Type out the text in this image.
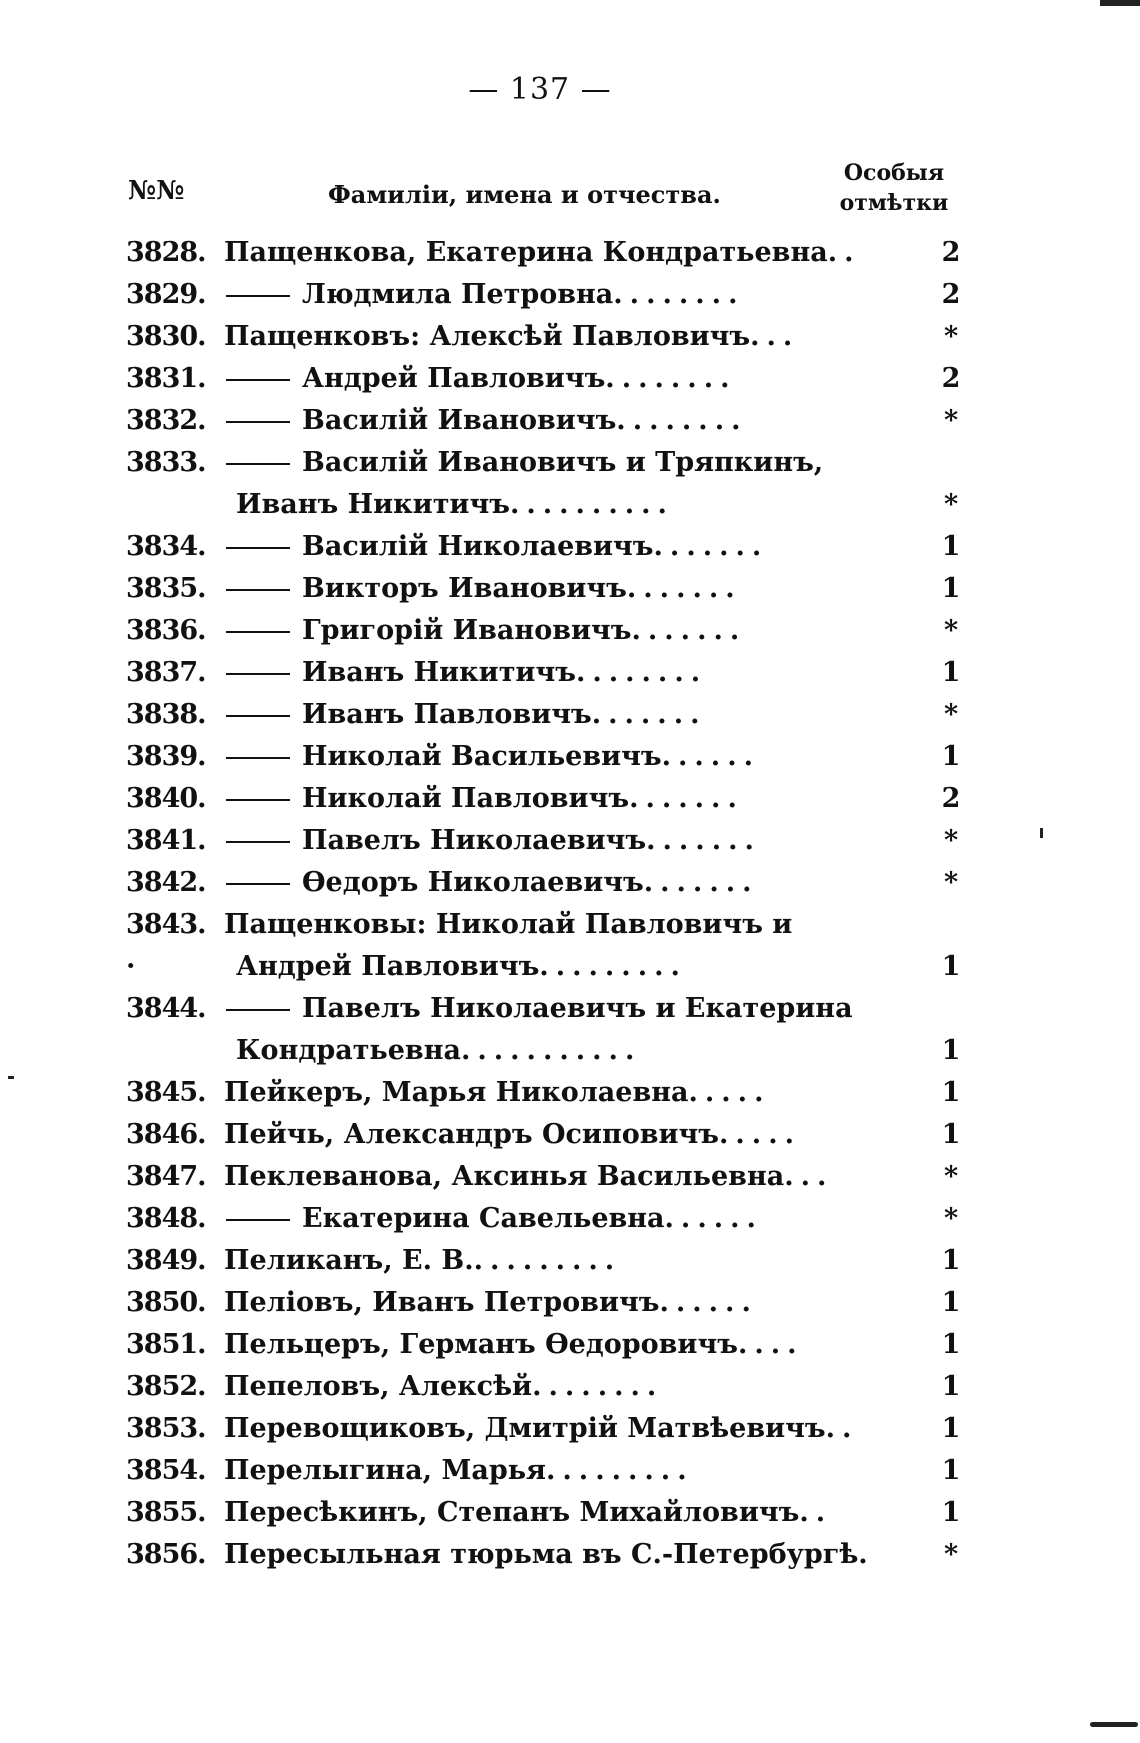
— 137 —
№№	Фамиліи, имена и отчества.
Особыя отмѣтки
3828. Пащенкова, Екатерина Кондратьевна..	2
3829.	Людмила Петровна........	2
3830. Пащенковъ: Алексѣй Павловичъ...	*
3831.	Андрей Павловичъ........	2
3832.	Василій Ивановичъ........	*
3833.	Василій Ивановичъ и Тряпкинъ,
Иванъ Никитичъ..........	*
3834.	Василій Николаевичъ.......	1
3835.	Викторъ Ивановичъ.......	1
3836.	Григорій Ивановичъ.......	*
3837.	Иванъ Никитичъ........	1
3838.	Иванъ Павловичъ.......	*
3839.	Николай Васильевичъ......	1
3840.	Николай Павловичъ.......	2
3841.	Павелъ Николаевичъ.......	*
3842.	Ѳедоръ Николаевичъ.......	*
3843. Пащенковы: Николай Павловичъ и
·	Андрей Павловичъ.........	1
3844.	Павелъ Николаевичъ и Екатерина
Кондратьевна...........	1
3845. Пейкеръ, Марья Николаевна.....	1
3846. Пейчь, Александръ Осиповичъ.....	1
3847. Пеклеванова, Аксинья Васильевна...	*
3848.	Екатерина Савельевна......	*
3849. Пеликанъ, Е. В..........	1
3850. Пеліовъ, Иванъ Петровичъ......	1
3851. Пельцеръ, Германъ Ѳедоровичъ....	1
3852. Пепеловъ, Алексѣй........	1
3853. Перевощиковъ, Дмитрій Матвѣевичъ..	1
3854. Перелыгина, Марья.........	1
3855. Пересѣкинъ, Степанъ Михайловичъ..	1
3856. Пересыльная тюрьма въ С.-Петербургѣ.	*
